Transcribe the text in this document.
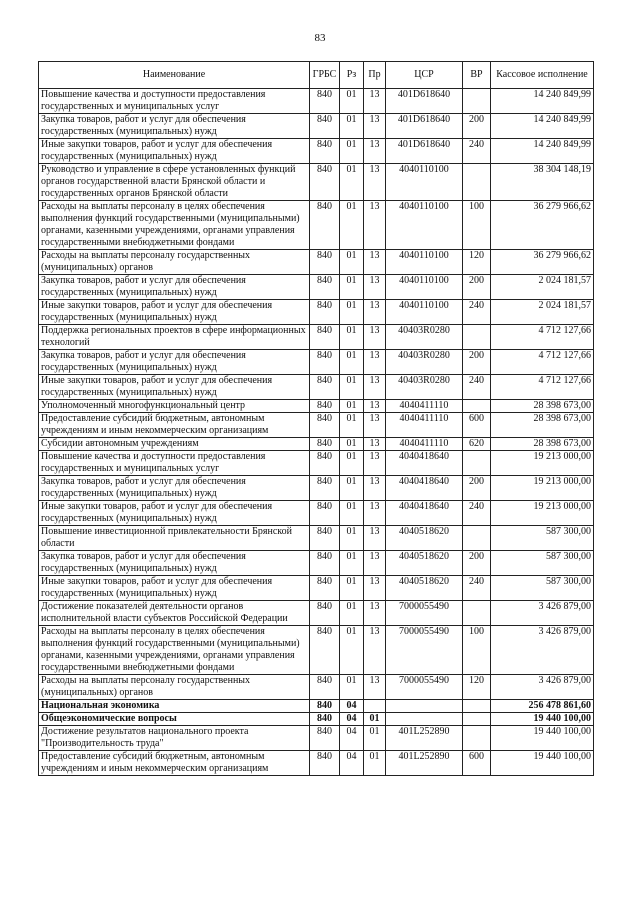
83
Наименование	ГРБС	Рз	Пр	ЦСР	ВР	Кассовое исполнение
Повышение качества и доступности предоставления государственных и муниципальных услуг	840	01	13	401D618640		14 240 849,99
Закупка товаров, работ и услуг для обеспечения государственных (муниципальных) нужд	840	01	13	401D618640	200	14 240 849,99
Иные закупки товаров, работ и услуг для обеспечения государственных (муниципальных) нужд	840	01	13	401D618640	240	14 240 849,99
Руководство и управление в сфере установленных функций органов государственной власти Брянской области и государственных органов Брянской области	840	01	13	4040110100		38 304 148,19
Расходы на выплаты персоналу в целях обеспечения выполнения функций государственными (муниципальными) органами, казенными учреждениями, органами управления государственными внебюджетными фондами	840	01	13	4040110100	100	36 279 966,62
Расходы на выплаты персоналу государственных (муниципальных) органов	840	01	13	4040110100	120	36 279 966,62
Закупка товаров, работ и услуг для обеспечения государственных (муниципальных) нужд	840	01	13	4040110100	200	2 024 181,57
Иные закупки товаров, работ и услуг для обеспечения государственных (муниципальных) нужд	840	01	13	4040110100	240	2 024 181,57
Поддержка региональных проектов в сфере информационных технологий	840	01	13	40403R0280		4 712 127,66
Закупка товаров, работ и услуг для обеспечения государственных (муниципальных) нужд	840	01	13	40403R0280	200	4 712 127,66
Иные закупки товаров, работ и услуг для обеспечения государственных (муниципальных) нужд	840	01	13	40403R0280	240	4 712 127,66
Уполномоченный многофункциональный центр	840	01	13	4040411110		28 398 673,00
Предоставление субсидий бюджетным, автономным учреждениям и иным некоммерческим организациям	840	01	13	4040411110	600	28 398 673,00
Субсидии автономным учреждениям	840	01	13	4040411110	620	28 398 673,00
Повышение качества и доступности предоставления государственных и муниципальных услуг	840	01	13	4040418640		19 213 000,00
Закупка товаров, работ и услуг для обеспечения государственных (муниципальных) нужд	840	01	13	4040418640	200	19 213 000,00
Иные закупки товаров, работ и услуг для обеспечения государственных (муниципальных) нужд	840	01	13	4040418640	240	19 213 000,00
Повышение инвестиционной привлекательности Брянской области	840	01	13	4040518620		587 300,00
Закупка товаров, работ и услуг для обеспечения государственных (муниципальных) нужд	840	01	13	4040518620	200	587 300,00
Иные закупки товаров, работ и услуг для обеспечения государственных (муниципальных) нужд	840	01	13	4040518620	240	587 300,00
Достижение показателей деятельности органов исполнительной власти субъектов Российской Федерации	840	01	13	7000055490		3 426 879,00
Расходы на выплаты персоналу в целях обеспечения выполнения функций государственными (муниципальными) органами, казенными учреждениями, органами управления государственными внебюджетными фондами	840	01	13	7000055490	100	3 426 879,00
Расходы на выплаты персоналу государственных (муниципальных) органов	840	01	13	7000055490	120	3 426 879,00
Национальная экономика	840	04				256 478 861,60
Общеэкономические вопросы	840	04	01			19 440 100,00
Достижение результатов национального проекта "Производительность труда"	840	04	01	401L252890		19 440 100,00
Предоставление субсидий бюджетным, автономным учреждениям и иным некоммерческим организациям	840	04	01	401L252890	600	19 440 100,00
